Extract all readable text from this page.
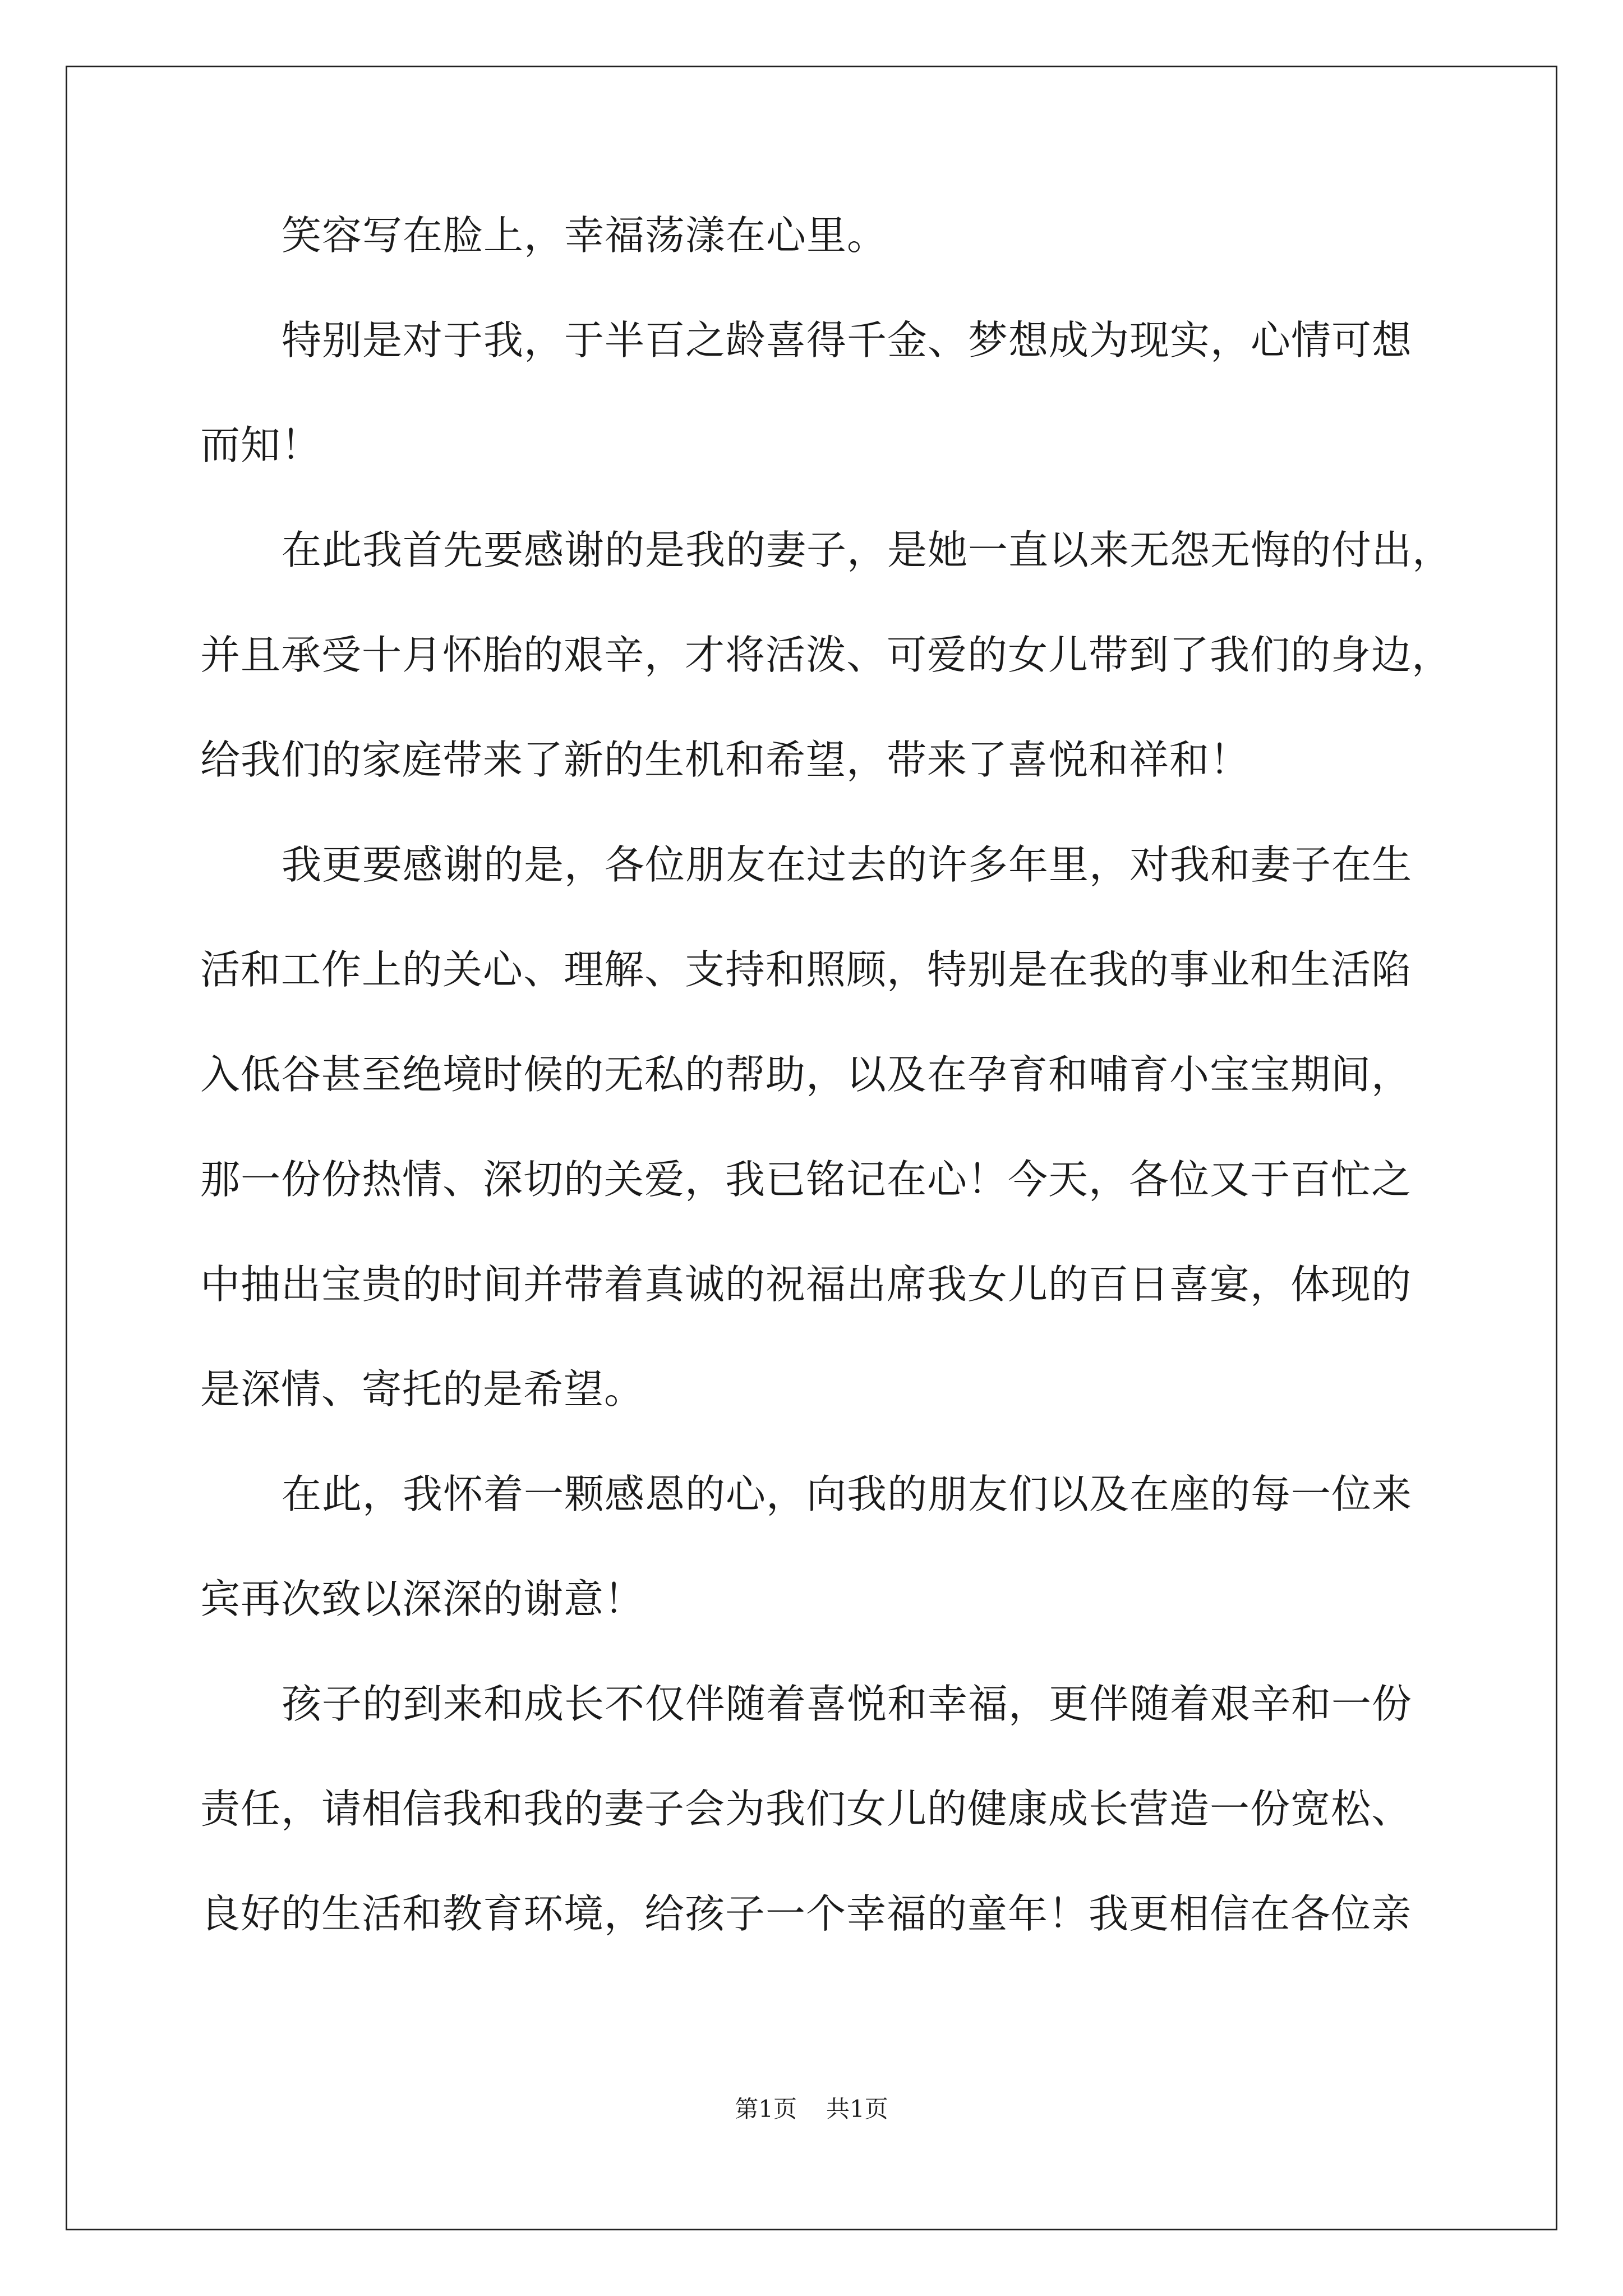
笑容写在脸上，幸福荡漾在心里。
特别是对于我，于半百之龄喜得千金、梦想成为现实，心情可想
而知！
在此我首先要感谢的是我的妻子，是她一直以来无怨无悔的付出，
并且承受十月怀胎的艰辛，才将活泼、可爱的女儿带到了我们的身边，
给我们的家庭带来了新的生机和希望，带来了喜悦和祥和！
我更要感谢的是，各位朋友在过去的许多年里，对我和妻子在生
活和工作上的关心、理解、支持和照顾，特别是在我的事业和生活陷
入低谷甚至绝境时候的无私的帮助，以及在孕育和哺育小宝宝期间，
那一份份热情、深切的关爱，我已铭记在心！今天，各位又于百忙之
中抽出宝贵的时间并带着真诚的祝福出席我女儿的百日喜宴，体现的
是深情、寄托的是希望。
在此，我怀着一颗感恩的心，向我的朋友们以及在座的每一位来
宾再次致以深深的谢意！
孩子的到来和成长不仅伴随着喜悦和幸福，更伴随着艰辛和一份
责任，请相信我和我的妻子会为我们女儿的健康成长营造一份宽松、
良好的生活和教育环境，给孩子一个幸福的童年！我更相信在各位亲
第1页 共1页
